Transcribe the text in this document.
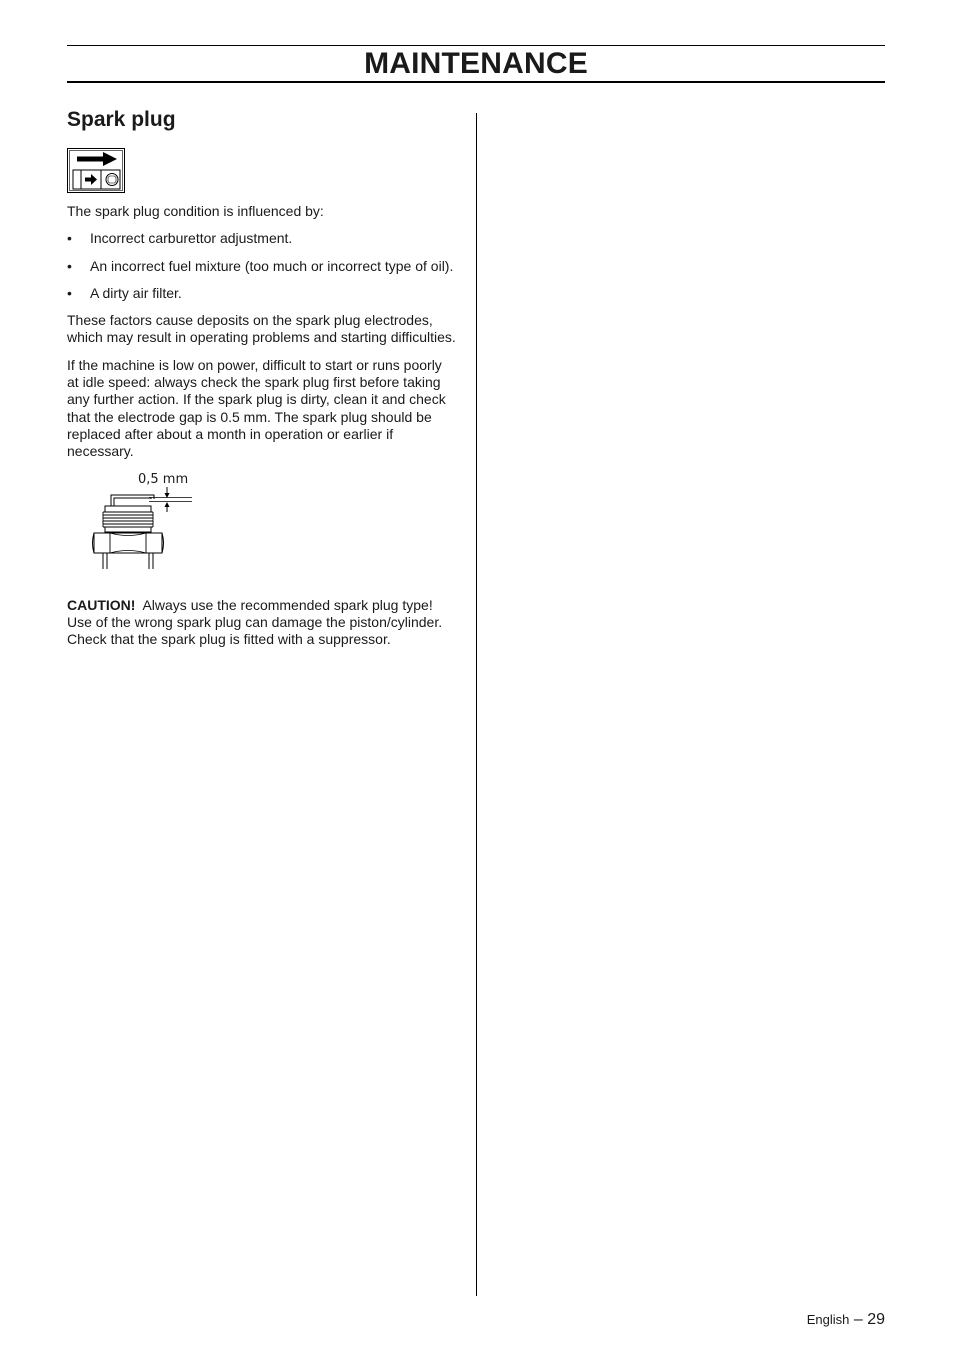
MAINTENANCE
Spark plug

The spark plug condition is influenced by:

• Incorrect carburettor adjustment.
• An incorrect fuel mixture (too much or incorrect type of oil).
• A dirty air filter.

These factors cause deposits on the spark plug electrodes, which may result in operating problems and starting difficulties.

If the machine is low on power, difficult to start or runs poorly at idle speed: always check the spark plug first before taking any further action. If the spark plug is dirty, clean it and check that the electrode gap is 0.5 mm. The spark plug should be replaced after about a month in operation or earlier if necessary.

0,5 mm

CAUTION! Always use the recommended spark plug type! Use of the wrong spark plug can damage the piston/cylinder. Check that the spark plug is fitted with a suppressor.

English – 29
